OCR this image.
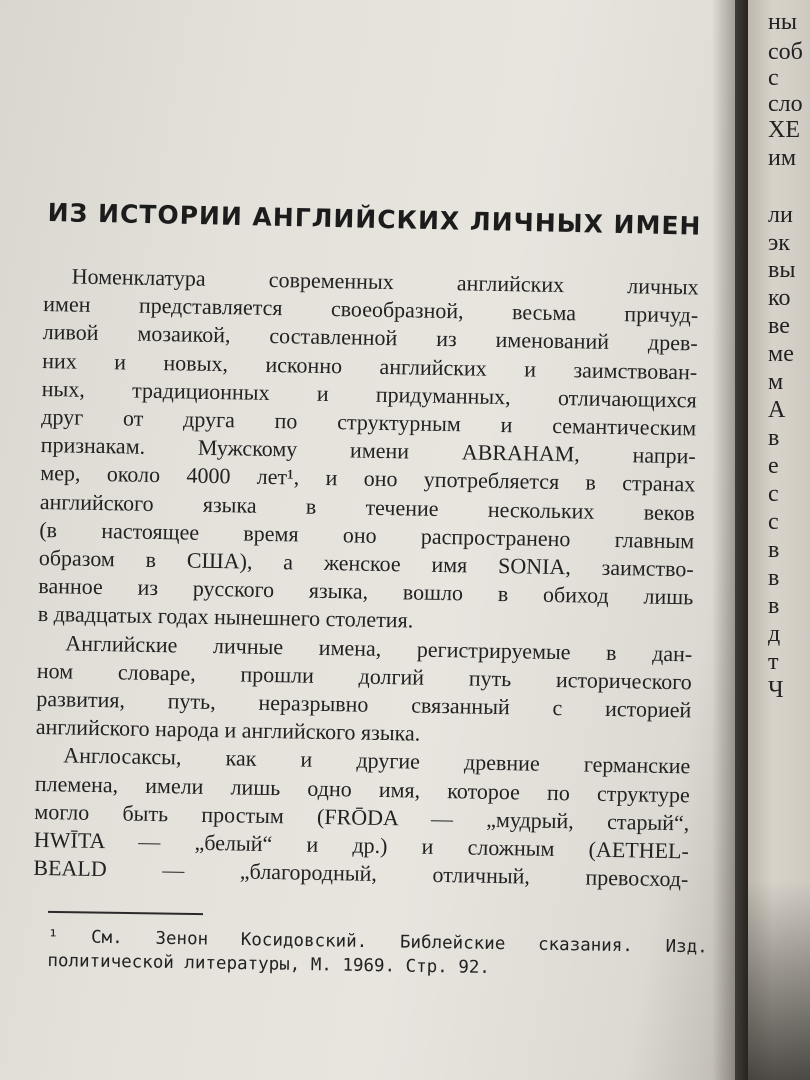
ИЗ ИСТОРИИ АНГЛИЙСКИХ ЛИЧНЫХ ИМЕН
Номенклатура современных английских личных
имен представляется своеобразной, весьма причуд-
ливой мозаикой, составленной из именований древ-
них и новых, исконно английских и заимствован-
ных, традиционных и придуманных, отличающихся
друг от друга по структурным и семантическим
признакам. Мужскому имени ABRAHAM, напри-
мер, около 4000 лет¹, и оно употребляется в странах
английского языка в течение нескольких веков
(в настоящее время оно распространено главным
образом в США), а женское имя SONIA, заимство-
ванное из русского языка, вошло в обиход лишь
в двадцатых годах нынешнего столетия.
Английские личные имена, регистрируемые в дан-
ном словаре, прошли долгий путь исторического
развития, путь, неразрывно связанный с историей
английского народа и английского языка.
Англосаксы, как и другие древние германские
племена, имели лишь одно имя, которое по структуре
могло быть простым (FRŌDA — „мудрый, старый“,
HWĪTA — „белый“ и др.) и сложным (AETHEL-
BEALD — „благородный, отличный, превосход-
¹ См. Зенон Косидовский. Библейские сказания. Изд.
политической литературы, М. 1969. Стр. 92.
ны
соб
с
сло
ХЕ
им
ли
эк
вы
ко
ве
ме
м
А
в
е
с
с
в
в
в
д
т
Ч
